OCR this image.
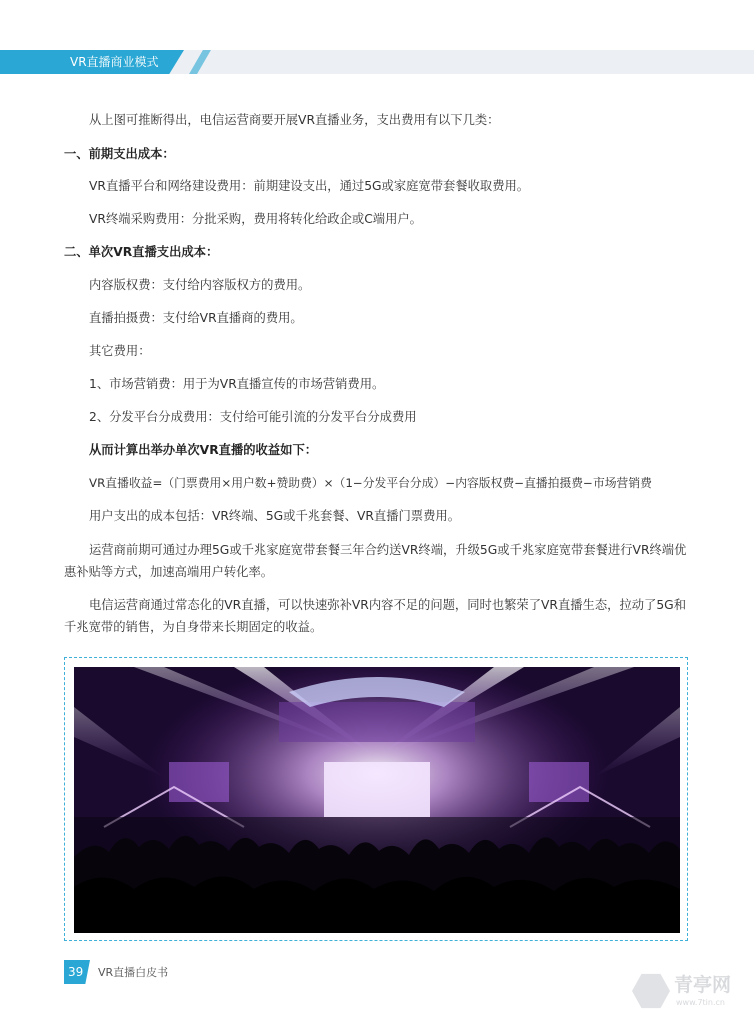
VR直播商业模式
从上图可推断得出，电信运营商要开展VR直播业务，支出费用有以下几类：
一、前期支出成本：
VR直播平台和网络建设费用：前期建设支出，通过5G或家庭宽带套餐收取费用。
VR终端采购费用：分批采购，费用将转化给政企或C端用户。
二、单次VR直播支出成本：
内容版权费：支付给内容版权方的费用。
直播拍摄费：支付给VR直播商的费用。
其它费用：
1、市场营销费：用于为VR直播宣传的市场营销费用。
2、分发平台分成费用：支付给可能引流的分发平台分成费用
从而计算出举办单次VR直播的收益如下：
VR直播收益=（门票费用×用户数+赞助费）×（1−分发平台分成）−内容版权费−直播拍摄费−市场营销费
用户支出的成本包括：VR终端、5G或千兆套餐、VR直播门票费用。
运营商前期可通过办理5G或千兆家庭宽带套餐三年合约送VR终端，升级5G或千兆家庭宽带套餐进行VR终端优惠补贴等方式，加速高端用户转化率。
电信运营商通过常态化的VR直播，可以快速弥补VR内容不足的问题，同时也繁荣了VR直播生态，拉动了5G和千兆宽带的销售，为自身带来长期固定的收益。
39 VR直播白皮书
青亭网
www.7tin.cn
